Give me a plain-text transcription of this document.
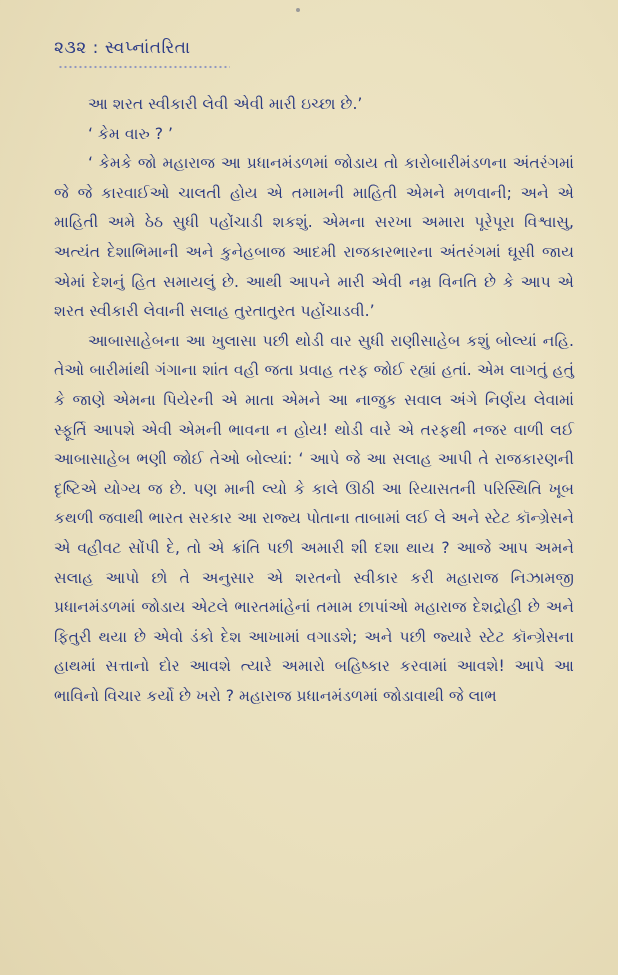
૨૩૨ : સ્વપ્નાંતરિતા

આ શરત સ્વીકારી લેવી એવી મારી ઇચ્છા છે.’

‘ કેમ વારુ ? ’

‘ કેમકે જો મહારાજ આ પ્રધાનમંડળમાં જોડાય તો કારોબારીમંડળના અંતરંગમાં જે જે કારવાઈઓ ચાલતી હોય એ તમામની માહિતી એમને મળવાની; અને એ માહિતી અમે ઠેઠ સુધી પહોંચાડી શકશું. એમના સરખા અમારા પૂરેપૂરા વિશ્વાસુ, અત્યંત દેશાભિમાની અને કુનેહબાજ આદમી રાજકારભારના અંતરંગમાં ઘૂસી જાય એમાં દેશનું હિત સમાયલું છે. આથી આપને મારી એવી નમ્ર વિનતિ છે કે આપ એ શરત સ્વીકારી લેવાની સલાહ તુરતાતુરત પહોંચાડવી.’

આબાસાહેબના આ ખુલાસા પછી થોડી વાર સુધી રાણીસાહેબ કશું બોલ્યાં નહિ. તેઓ બારીમાંથી ગંગાના શાંત વહી જતા પ્રવાહ તરફ જોઈ રહ્યાં હતાં. એમ લાગતું હતું કે જાણે એમના પિયેરની એ માતા એમને આ નાજુક સવાલ અંગે નિર્ણય લેવામાં સ્ફૂર્તિ આપશે એવી એમની ભાવના ન હોય! થોડી વારે એ તરફથી નજર વાળી લઈ આબાસાહેબ ભણી જોઈ તેઓ બોલ્યાં: ‘ આપે જે આ સલાહ આપી તે રાજકારણની દૃષ્ટિએ યોગ્ય જ છે. પણ માની લ્યો કે કાલે ઊઠી આ રિયાસતની પરિસ્થિતિ ખૂબ કથળી જવાથી ભારત સરકાર આ રાજ્ય પોતાના તાબામાં લઈ લે અને સ્ટેટ કૉન્ગ્રેસને એ વહીવટ સોંપી દે, તો એ ક્રાંતિ પછી અમારી શી દશા થાય ? આજે આપ અમને સલાહ આપો છો તે અનુસાર એ શરતનો સ્વીકાર કરી મહારાજ નિઝામજી પ્રધાનમંડળમાં જોડાય એટલે ભારતમાંહેનાં તમામ છાપાંઓ મહારાજ દેશદ્રોહી છે અને ફિતુરી થયા છે એવો ડંકો દેશ આખામાં વગાડશે; અને પછી જ્યારે સ્ટેટ કૉન્ગ્રેસના હાથમાં સત્તાનો દોર આવશે ત્યારે અમારો બહિષ્કાર કરવામાં આવશે! આપે આ ભાવિનો વિચાર કર્યો છે ખરો ? મહારાજ પ્રધાનમંડળમાં જોડાવાથી જે લાભ
